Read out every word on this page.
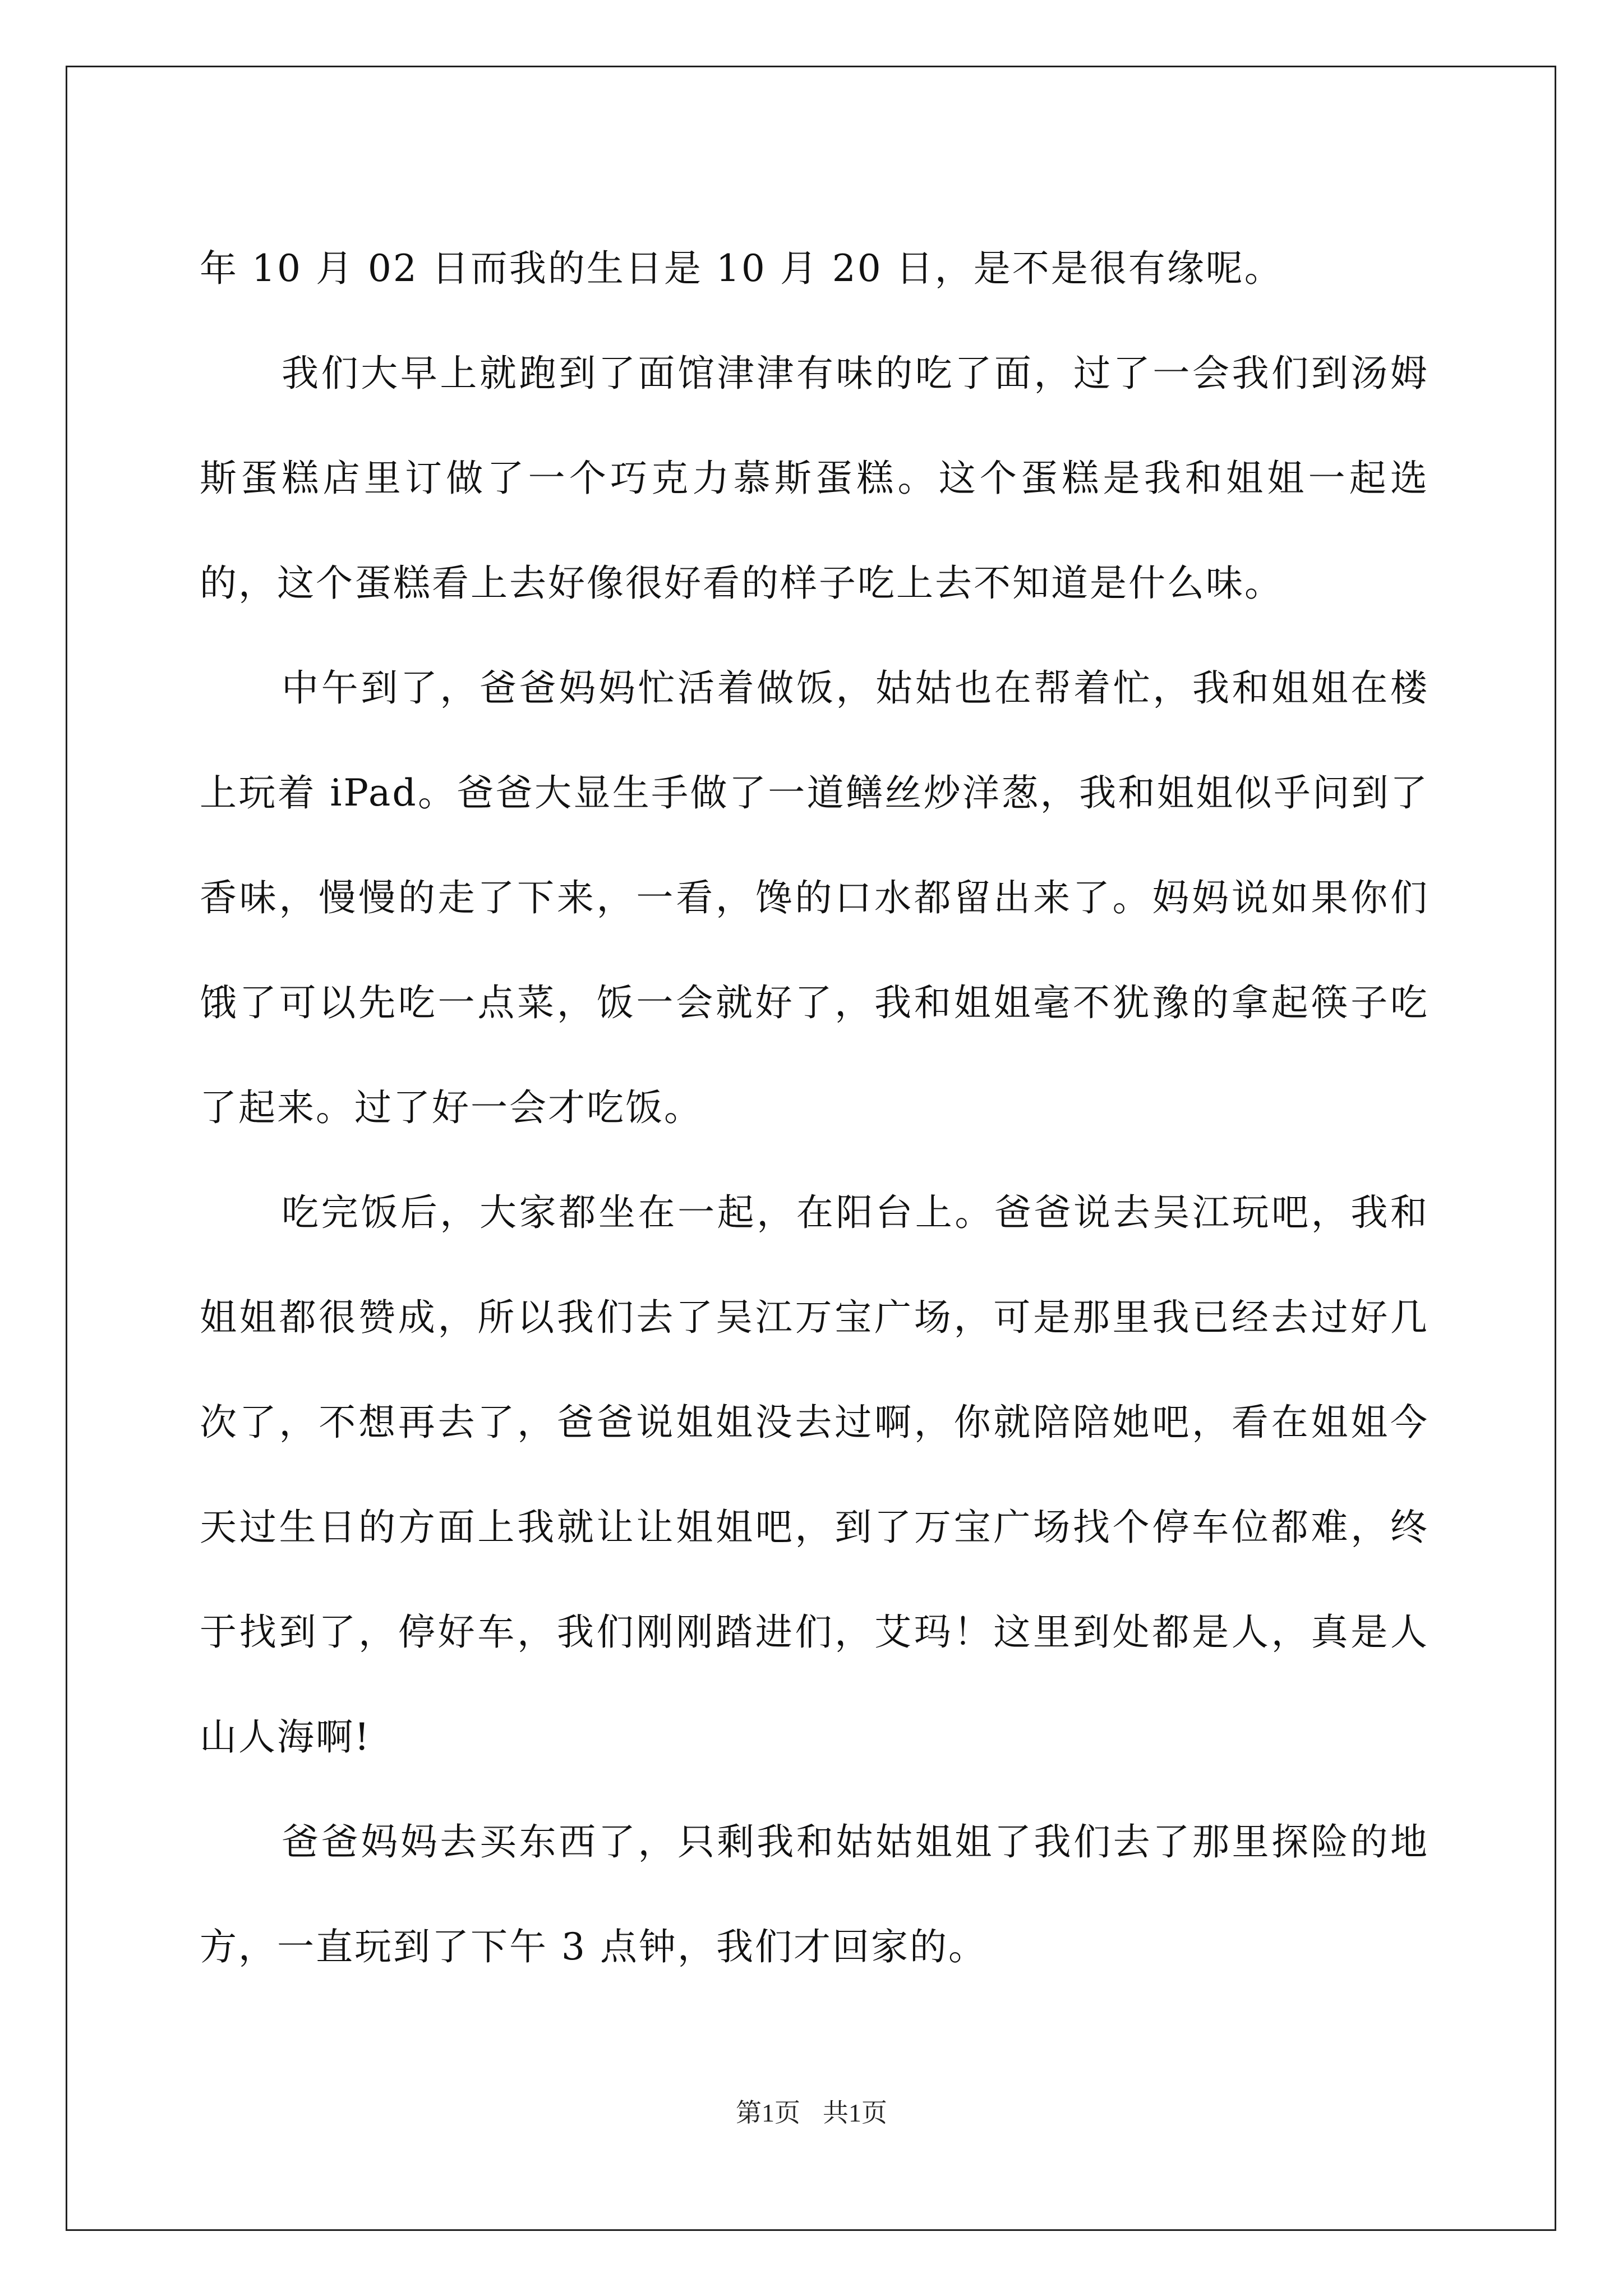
年 10 月 02 日而我的生日是 10 月 20 日，是不是很有缘呢。

我们大早上就跑到了面馆津津有味的吃了面，过了一会我们到汤姆斯蛋糕店里订做了一个巧克力慕斯蛋糕。这个蛋糕是我和姐姐一起选的，这个蛋糕看上去好像很好看的样子吃上去不知道是什么味。

中午到了，爸爸妈妈忙活着做饭，姑姑也在帮着忙，我和姐姐在楼上玩着 iPad。爸爸大显生手做了一道鳝丝炒洋葱，我和姐姐似乎问到了香味，慢慢的走了下来，一看，馋的口水都留出来了。妈妈说如果你们饿了可以先吃一点菜，饭一会就好了，我和姐姐毫不犹豫的拿起筷子吃了起来。过了好一会才吃饭。

吃完饭后，大家都坐在一起，在阳台上。爸爸说去吴江玩吧，我和姐姐都很赞成，所以我们去了吴江万宝广场，可是那里我已经去过好几次了，不想再去了，爸爸说姐姐没去过啊，你就陪陪她吧，看在姐姐今天过生日的方面上我就让让姐姐吧，到了万宝广场找个停车位都难，终于找到了，停好车，我们刚刚踏进们，艾玛！这里到处都是人，真是人山人海啊!

爸爸妈妈去买东西了，只剩我和姑姑姐姐了我们去了那里探险的地方，一直玩到了下午 3 点钟，我们才回家的。

第1页 共1页
